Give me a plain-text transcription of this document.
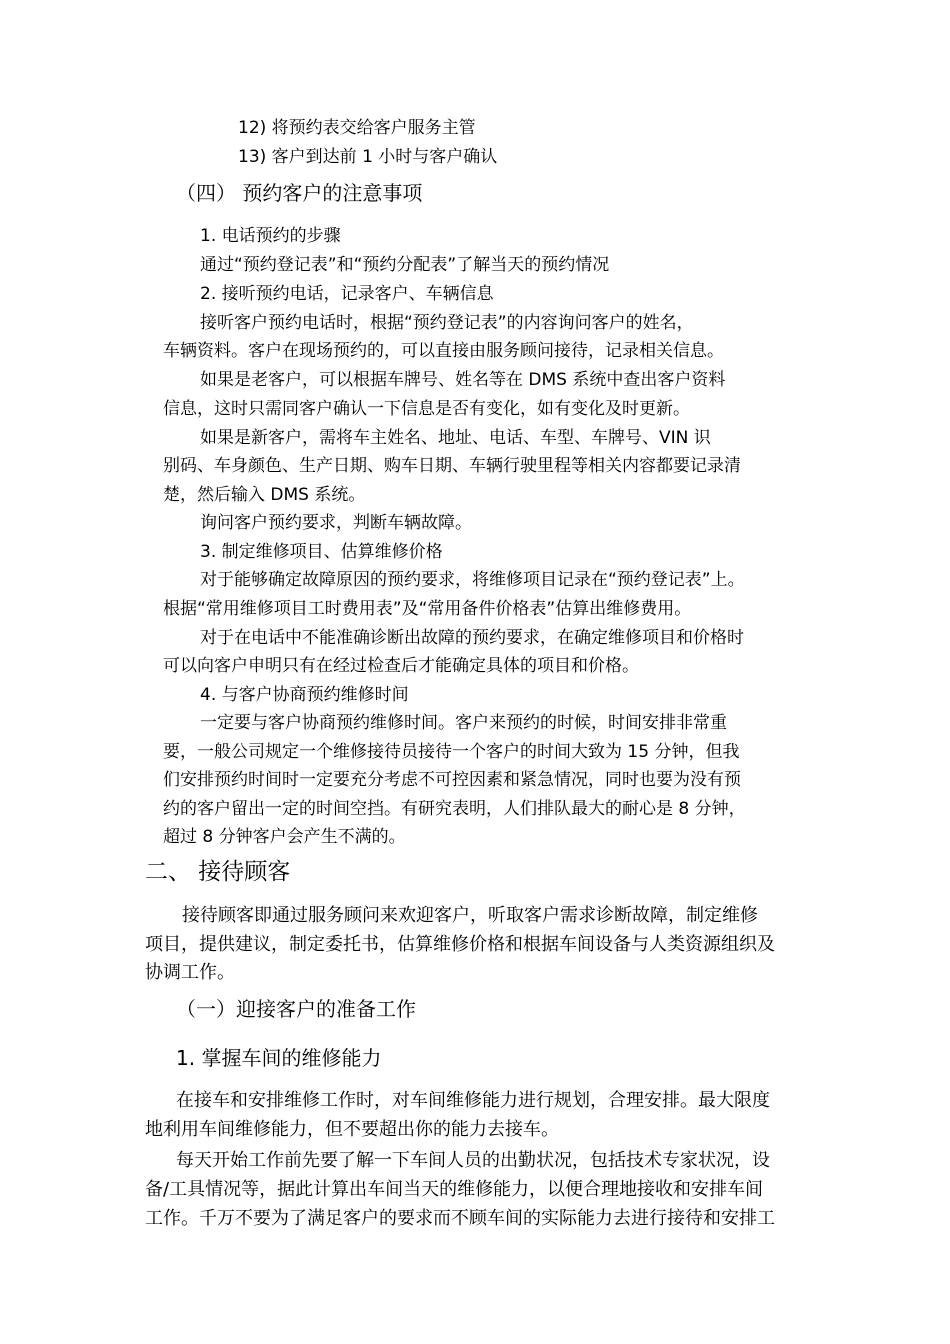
12) 将预约表交给客户服务主管
13) 客户到达前 1 小时与客户确认
（四） 预约客户的注意事项
1. 电话预约的步骤
通过“预约登记表”和“预约分配表”了解当天的预约情况
2. 接听预约电话，记录客户、车辆信息
接听客户预约电话时，根据“预约登记表”的内容询问客户的姓名，
车辆资料。客户在现场预约的，可以直接由服务顾问接待，记录相关信息。
如果是老客户，可以根据车牌号、姓名等在 DMS 系统中查出客户资料
信息，这时只需同客户确认一下信息是否有变化，如有变化及时更新。
如果是新客户，需将车主姓名、地址、电话、车型、车牌号、VIN 识
别码、车身颜色、生产日期、购车日期、车辆行驶里程等相关内容都要记录清
楚，然后输入 DMS 系统。
询问客户预约要求，判断车辆故障。
3. 制定维修项目、估算维修价格
对于能够确定故障原因的预约要求，将维修项目记录在“预约登记表”上。
根据“常用维修项目工时费用表”及“常用备件价格表”估算出维修费用。
对于在电话中不能准确诊断出故障的预约要求，在确定维修项目和价格时
可以向客户申明只有在经过检查后才能确定具体的项目和价格。
4. 与客户协商预约维修时间
一定要与客户协商预约维修时间。客户来预约的时候，时间安排非常重
要，一般公司规定一个维修接待员接待一个客户的时间大致为 15 分钟，但我
们安排预约时间时一定要充分考虑不可控因素和紧急情况，同时也要为没有预
约的客户留出一定的时间空挡。有研究表明，人们排队最大的耐心是 8 分钟，
超过 8 分钟客户会产生不满的。
二、 接待顾客
接待顾客即通过服务顾问来欢迎客户，听取客户需求诊断故障，制定维修
项目，提供建议，制定委托书，估算维修价格和根据车间设备与人类资源组织及
协调工作。
（一）迎接客户的准备工作
1. 掌握车间的维修能力
在接车和安排维修工作时，对车间维修能力进行规划，合理安排。最大限度
地利用车间维修能力，但不要超出你的能力去接车。
每天开始工作前先要了解一下车间人员的出勤状况，包括技术专家状况，设
备/工具情况等，据此计算出车间当天的维修能力，以便合理地接收和安排车间
工作。千万不要为了满足客户的要求而不顾车间的实际能力去进行接待和安排工
